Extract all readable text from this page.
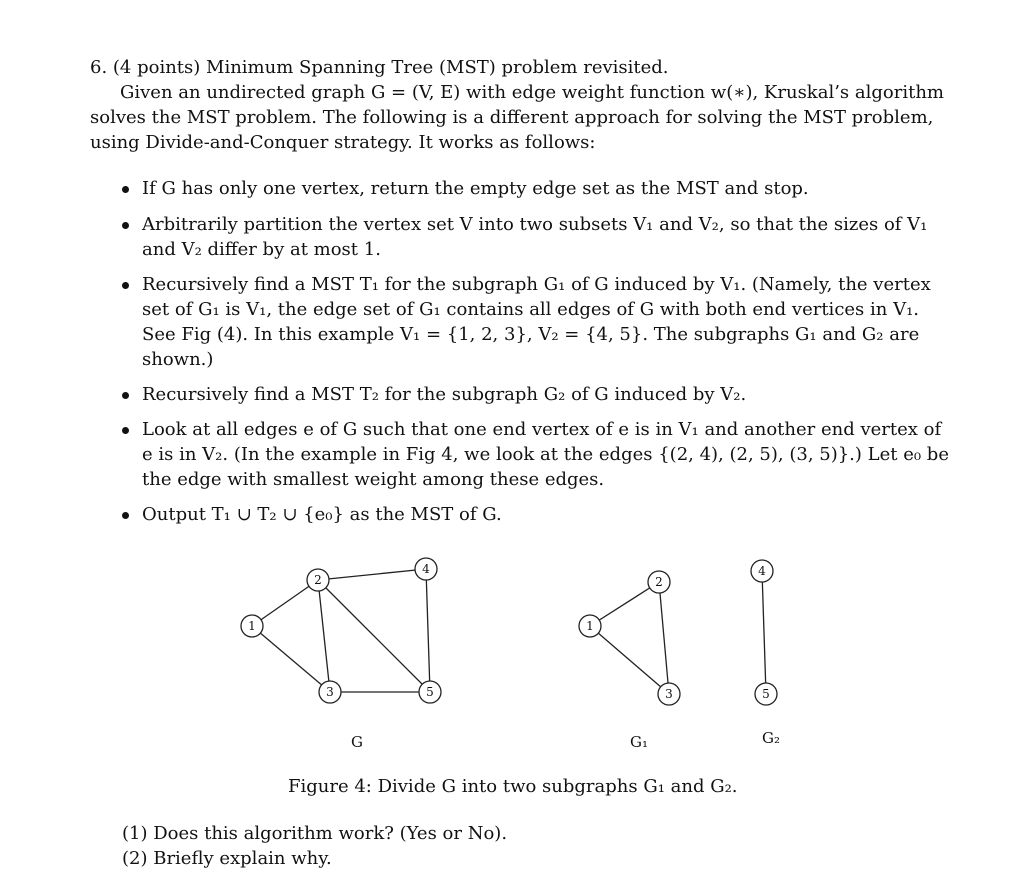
6. (4 points) Minimum Spanning Tree (MST) problem revisited.
Given an undirected graph G = (V, E) with edge weight function w(∗), Kruskal’s algorithm
solves the MST problem. The following is a different approach for solving the MST problem,
using Divide-and-Conquer strategy. It works as follows:
If G has only one vertex, return the empty edge set as the MST and stop.
Arbitrarily partition the vertex set V into two subsets V₁ and V₂, so that the sizes of V₁
and V₂ differ by at most 1.
Recursively find a MST T₁ for the subgraph G₁ of G induced by V₁. (Namely, the vertex
set of G₁ is V₁, the edge set of G₁ contains all edges of G with both end vertices in V₁.
See Fig (4). In this example V₁ = {1, 2, 3}, V₂ = {4, 5}. The subgraphs G₁ and G₂ are
shown.)
Recursively find a MST T₂ for the subgraph G₂ of G induced by V₂.
Look at all edges e of G such that one end vertex of e is in V₁ and another end vertex of
e is in V₂. (In the example in Fig 4, we look at the edges {(2, 4), (2, 5), (3, 5)}.) Let e₀ be
the edge with smallest weight among these edges.
Output T₁ ∪ T₂ ∪ {e₀} as the MST of G.
1
2
3
4
5
1
2
3
4
5
G	G₁	G₂
Figure 4: Divide G into two subgraphs G₁ and G₂.
(1) Does this algorithm work? (Yes or No).
(2) Briefly explain why.
